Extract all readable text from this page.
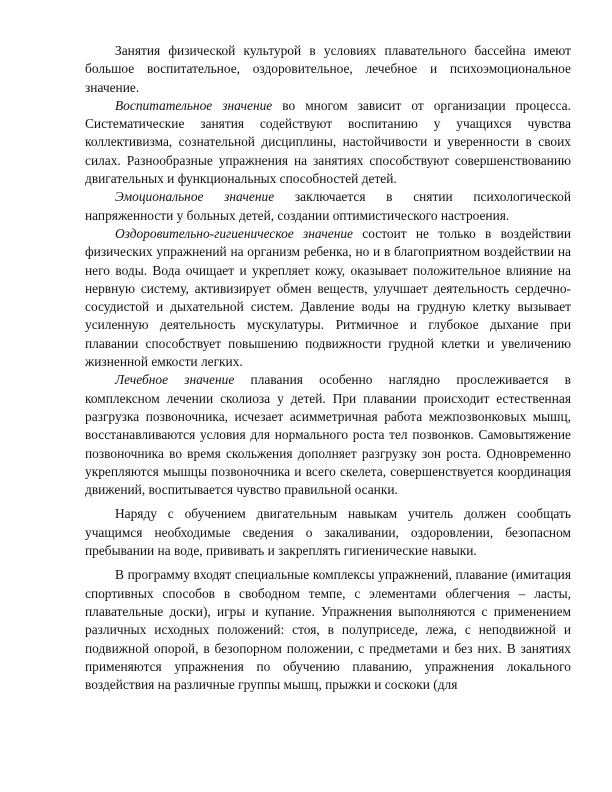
Занятия физической культурой в условиях плавательного бассейна имеют большое воспитательное, оздоровительное, лечебное и психоэмоциональное значение.

Воспитательное значение во многом зависит от организации процесса. Систематические занятия содействуют воспитанию у учащихся чувства коллективизма, сознательной дисциплины, настойчивости и уверенности в своих силах. Разнообразные упражнения на занятиях способствуют совершенствованию двигательных и функциональных способностей детей.

Эмоциональное значение заключается в снятии психологической напряженности у больных детей, создании оптимистического настроения.

Оздоровительно-гигиеническое значение состоит не только в воздействии физических упражнений на организм ребенка, но и в благоприятном воздействии на него воды. Вода очищает и укрепляет кожу, оказывает положительное влияние на нервную систему, активизирует обмен веществ, улучшает деятельность сердечно-сосудистой и дыхательной систем. Давление воды на грудную клетку вызывает усиленную деятельность мускулатуры. Ритмичное и глубокое дыхание при плавании способствует повышению подвижности грудной клетки и увеличению жизненной емкости легких.

Лечебное значение плавания особенно наглядно прослеживается в комплексном лечении сколиоза у детей. При плавании происходит естественная разгрузка позвоночника, исчезает асимметричная работа межпозвонковых мышц, восстанавливаются условия для нормального роста тел позвонков. Самовытяжение позвоночника во время скольжения дополняет разгрузку зон роста. Одновременно укрепляются мышцы позвоночника и всего скелета, совершенствуется координация движений, воспитывается чувство правильной осанки.

Наряду с обучением двигательным навыкам учитель должен сообщать учащимся необходимые сведения о закаливании, оздоровлении, безопасном пребывании на воде, прививать и закреплять гигиенические навыки.

В программу входят специальные комплексы упражнений, плавание (имитация спортивных способов в свободном темпе, с элементами облегчения – ласты, плавательные доски), игры и купание. Упражнения выполняются с применением различных исходных положений: стоя, в полуприседе, лежа, с неподвижной и подвижной опорой, в безопорном положении, с предметами и без них. В занятиях применяются упражнения по обучению плаванию, упражнения локального воздействия на различные группы мышц, прыжки и соскоки (для
